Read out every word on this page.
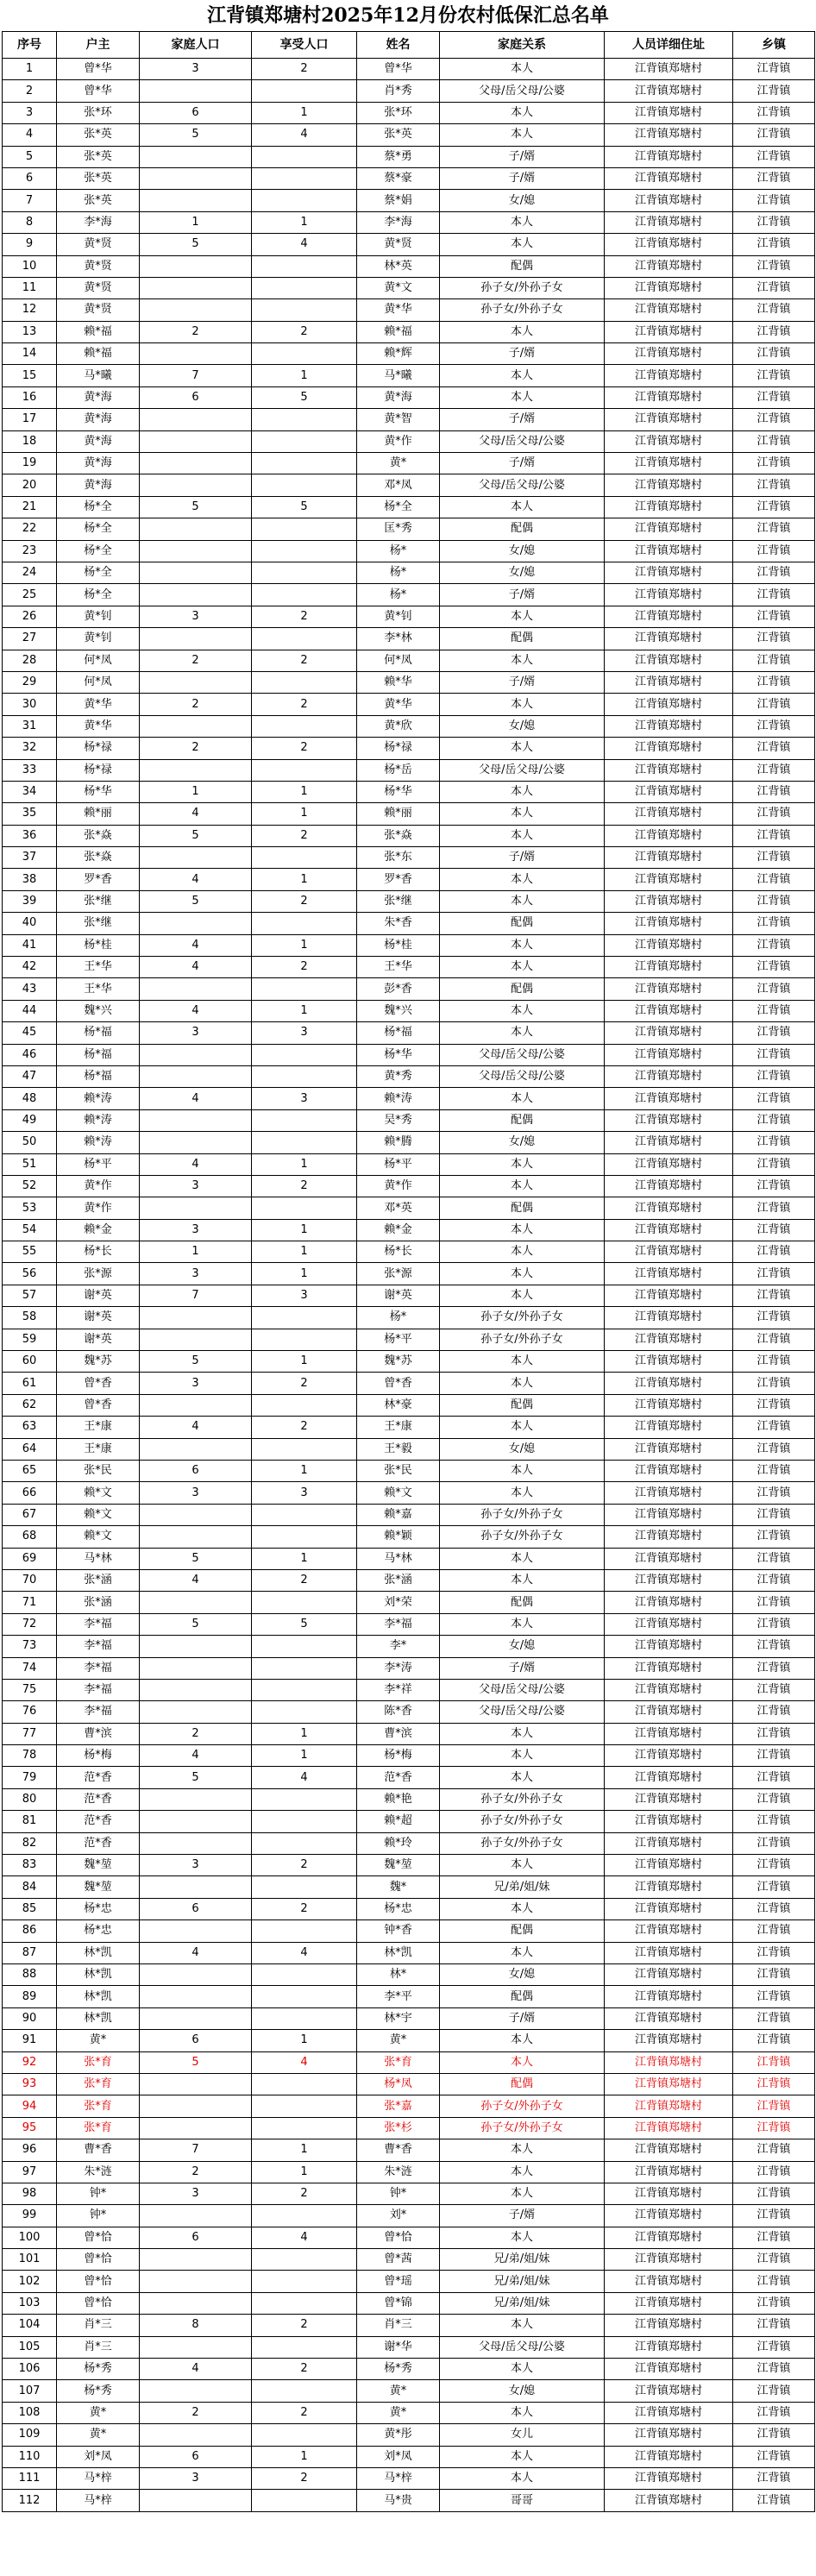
江背镇郑塘村2025年12月份农村低保汇总名单
序号	户主	家庭人口	享受人口	姓名	家庭关系	人员详细住址	乡镇
1	曾*华	3	2	曾*华	本人	江背镇郑塘村	江背镇
2	曾*华			肖*秀	父母/岳父母/公婆	江背镇郑塘村	江背镇
3	张*环	6	1	张*环	本人	江背镇郑塘村	江背镇
4	张*英	5	4	张*英	本人	江背镇郑塘村	江背镇
5	张*英			蔡*勇	子/婿	江背镇郑塘村	江背镇
6	张*英			蔡*豪	子/婿	江背镇郑塘村	江背镇
7	张*英			蔡*娟	女/媳	江背镇郑塘村	江背镇
8	李*海	1	1	李*海	本人	江背镇郑塘村	江背镇
9	黄*贤	5	4	黄*贤	本人	江背镇郑塘村	江背镇
10	黄*贤			林*英	配偶	江背镇郑塘村	江背镇
11	黄*贤			黄*文	孙子女/外孙子女	江背镇郑塘村	江背镇
12	黄*贤			黄*华	孙子女/外孙子女	江背镇郑塘村	江背镇
13	赖*福	2	2	赖*福	本人	江背镇郑塘村	江背镇
14	赖*福			赖*辉	子/婿	江背镇郑塘村	江背镇
15	马*曦	7	1	马*曦	本人	江背镇郑塘村	江背镇
16	黄*海	6	5	黄*海	本人	江背镇郑塘村	江背镇
17	黄*海			黄*智	子/婿	江背镇郑塘村	江背镇
18	黄*海			黄*作	父母/岳父母/公婆	江背镇郑塘村	江背镇
19	黄*海			黄*	子/婿	江背镇郑塘村	江背镇
20	黄*海			邓*凤	父母/岳父母/公婆	江背镇郑塘村	江背镇
21	杨*全	5	5	杨*全	本人	江背镇郑塘村	江背镇
22	杨*全			匡*秀	配偶	江背镇郑塘村	江背镇
23	杨*全			杨*	女/媳	江背镇郑塘村	江背镇
24	杨*全			杨*	女/媳	江背镇郑塘村	江背镇
25	杨*全			杨*	子/婿	江背镇郑塘村	江背镇
26	黄*钊	3	2	黄*钊	本人	江背镇郑塘村	江背镇
27	黄*钊			李*林	配偶	江背镇郑塘村	江背镇
28	何*凤	2	2	何*凤	本人	江背镇郑塘村	江背镇
29	何*凤			赖*华	子/婿	江背镇郑塘村	江背镇
30	黄*华	2	2	黄*华	本人	江背镇郑塘村	江背镇
31	黄*华			黄*欣	女/媳	江背镇郑塘村	江背镇
32	杨*禄	2	2	杨*禄	本人	江背镇郑塘村	江背镇
33	杨*禄			杨*岳	父母/岳父母/公婆	江背镇郑塘村	江背镇
34	杨*华	1	1	杨*华	本人	江背镇郑塘村	江背镇
35	赖*丽	4	1	赖*丽	本人	江背镇郑塘村	江背镇
36	张*焱	5	2	张*焱	本人	江背镇郑塘村	江背镇
37	张*焱			张*东	子/婿	江背镇郑塘村	江背镇
38	罗*香	4	1	罗*香	本人	江背镇郑塘村	江背镇
39	张*继	5	2	张*继	本人	江背镇郑塘村	江背镇
40	张*继			朱*香	配偶	江背镇郑塘村	江背镇
41	杨*桂	4	1	杨*桂	本人	江背镇郑塘村	江背镇
42	王*华	4	2	王*华	本人	江背镇郑塘村	江背镇
43	王*华			彭*香	配偶	江背镇郑塘村	江背镇
44	魏*兴	4	1	魏*兴	本人	江背镇郑塘村	江背镇
45	杨*福	3	3	杨*福	本人	江背镇郑塘村	江背镇
46	杨*福			杨*华	父母/岳父母/公婆	江背镇郑塘村	江背镇
47	杨*福			黄*秀	父母/岳父母/公婆	江背镇郑塘村	江背镇
48	赖*涛	4	3	赖*涛	本人	江背镇郑塘村	江背镇
49	赖*涛			吴*秀	配偶	江背镇郑塘村	江背镇
50	赖*涛			赖*腾	女/媳	江背镇郑塘村	江背镇
51	杨*平	4	1	杨*平	本人	江背镇郑塘村	江背镇
52	黄*作	3	2	黄*作	本人	江背镇郑塘村	江背镇
53	黄*作			邓*英	配偶	江背镇郑塘村	江背镇
54	赖*金	3	1	赖*金	本人	江背镇郑塘村	江背镇
55	杨*长	1	1	杨*长	本人	江背镇郑塘村	江背镇
56	张*源	3	1	张*源	本人	江背镇郑塘村	江背镇
57	谢*英	7	3	谢*英	本人	江背镇郑塘村	江背镇
58	谢*英			杨*	孙子女/外孙子女	江背镇郑塘村	江背镇
59	谢*英			杨*平	孙子女/外孙子女	江背镇郑塘村	江背镇
60	魏*苏	5	1	魏*苏	本人	江背镇郑塘村	江背镇
61	曾*香	3	2	曾*香	本人	江背镇郑塘村	江背镇
62	曾*香			林*豪	配偶	江背镇郑塘村	江背镇
63	王*康	4	2	王*康	本人	江背镇郑塘村	江背镇
64	王*康			王*毅	女/媳	江背镇郑塘村	江背镇
65	张*民	6	1	张*民	本人	江背镇郑塘村	江背镇
66	赖*文	3	3	赖*文	本人	江背镇郑塘村	江背镇
67	赖*文			赖*嘉	孙子女/外孙子女	江背镇郑塘村	江背镇
68	赖*文			赖*颖	孙子女/外孙子女	江背镇郑塘村	江背镇
69	马*林	5	1	马*林	本人	江背镇郑塘村	江背镇
70	张*涵	4	2	张*涵	本人	江背镇郑塘村	江背镇
71	张*涵			刘*荣	配偶	江背镇郑塘村	江背镇
72	李*福	5	5	李*福	本人	江背镇郑塘村	江背镇
73	李*福			李*	女/媳	江背镇郑塘村	江背镇
74	李*福			李*涛	子/婿	江背镇郑塘村	江背镇
75	李*福			李*祥	父母/岳父母/公婆	江背镇郑塘村	江背镇
76	李*福			陈*香	父母/岳父母/公婆	江背镇郑塘村	江背镇
77	曹*滨	2	1	曹*滨	本人	江背镇郑塘村	江背镇
78	杨*梅	4	1	杨*梅	本人	江背镇郑塘村	江背镇
79	范*香	5	4	范*香	本人	江背镇郑塘村	江背镇
80	范*香			赖*艳	孙子女/外孙子女	江背镇郑塘村	江背镇
81	范*香			赖*超	孙子女/外孙子女	江背镇郑塘村	江背镇
82	范*香			赖*玲	孙子女/外孙子女	江背镇郑塘村	江背镇
83	魏*堃	3	2	魏*堃	本人	江背镇郑塘村	江背镇
84	魏*堃			魏*	兄/弟/姐/妹	江背镇郑塘村	江背镇
85	杨*忠	6	2	杨*忠	本人	江背镇郑塘村	江背镇
86	杨*忠			钟*香	配偶	江背镇郑塘村	江背镇
87	林*凯	4	4	林*凯	本人	江背镇郑塘村	江背镇
88	林*凯			林*	女/媳	江背镇郑塘村	江背镇
89	林*凯			李*平	配偶	江背镇郑塘村	江背镇
90	林*凯			林*宇	子/婿	江背镇郑塘村	江背镇
91	黄*	6	1	黄*	本人	江背镇郑塘村	江背镇
92	张*育	5	4	张*育	本人	江背镇郑塘村	江背镇
93	张*育			杨*凤	配偶	江背镇郑塘村	江背镇
94	张*育			张*嘉	孙子女/外孙子女	江背镇郑塘村	江背镇
95	张*育			张*杉	孙子女/外孙子女	江背镇郑塘村	江背镇
96	曹*香	7	1	曹*香	本人	江背镇郑塘村	江背镇
97	朱*涟	2	1	朱*涟	本人	江背镇郑塘村	江背镇
98	钟*	3	2	钟*	本人	江背镇郑塘村	江背镇
99	钟*			刘*	子/婿	江背镇郑塘村	江背镇
100	曾*恰	6	4	曾*恰	本人	江背镇郑塘村	江背镇
101	曾*恰			曾*茜	兄/弟/姐/妹	江背镇郑塘村	江背镇
102	曾*恰			曾*瑶	兄/弟/姐/妹	江背镇郑塘村	江背镇
103	曾*恰			曾*锦	兄/弟/姐/妹	江背镇郑塘村	江背镇
104	肖*三	8	2	肖*三	本人	江背镇郑塘村	江背镇
105	肖*三			谢*华	父母/岳父母/公婆	江背镇郑塘村	江背镇
106	杨*秀	4	2	杨*秀	本人	江背镇郑塘村	江背镇
107	杨*秀			黄*	女/媳	江背镇郑塘村	江背镇
108	黄*	2	2	黄*	本人	江背镇郑塘村	江背镇
109	黄*			黄*彤	女儿	江背镇郑塘村	江背镇
110	刘*凤	6	1	刘*凤	本人	江背镇郑塘村	江背镇
111	马*梓	3	2	马*梓	本人	江背镇郑塘村	江背镇
112	马*梓			马*贵	哥哥	江背镇郑塘村	江背镇
